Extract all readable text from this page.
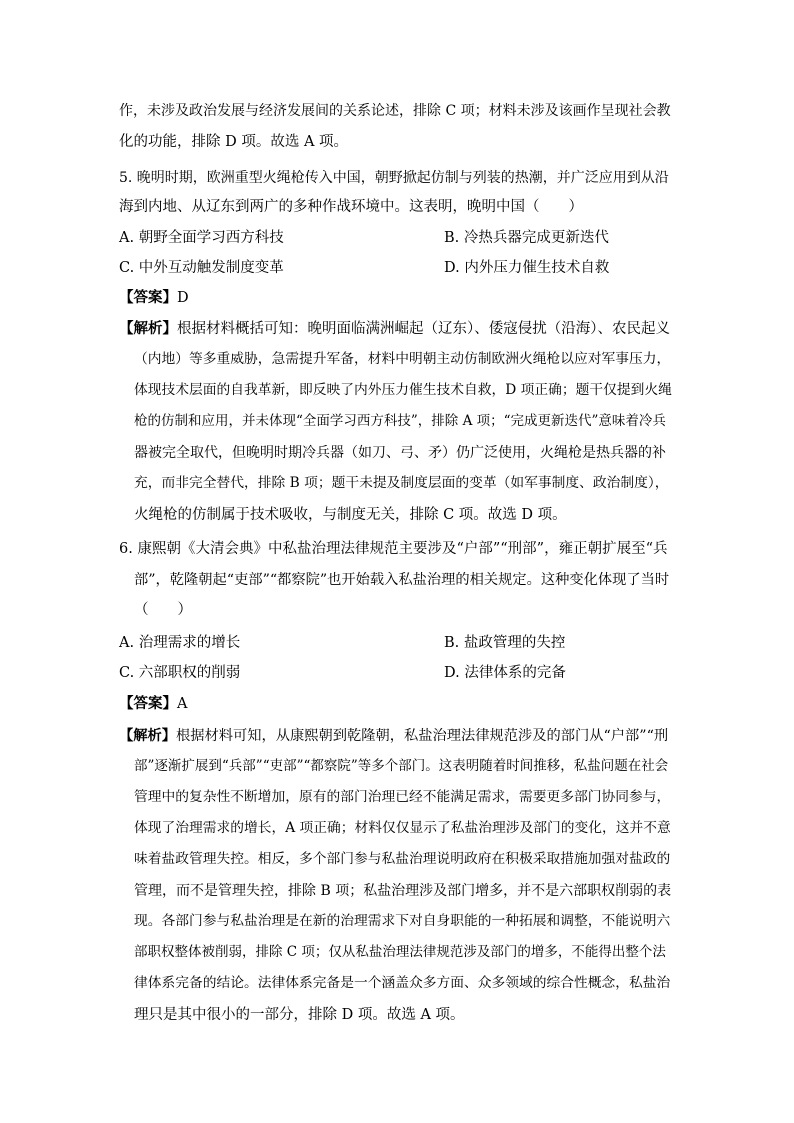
作，未涉及政治发展与经济发展间的关系论述，排除 C 项；材料未涉及该画作呈现社会教
化的功能，排除 D 项。故选 A 项。
5. 晚明时期，欧洲重型火绳枪传入中国，朝野掀起仿制与列装的热潮，并广泛应用到从沿
海到内地、从辽东到两广的多种作战环境中。这表明，晚明中国（　　）
A. 朝野全面学习西方科技	B. 冷热兵器完成更新迭代
C. 中外互动触发制度变革	D. 内外压力催生技术自救
【答案】D
【解析】根据材料概括可知：晚明面临满洲崛起（辽东）、倭寇侵扰（沿海）、农民起义
（内地）等多重威胁，急需提升军备，材料中明朝主动仿制欧洲火绳枪以应对军事压力，
体现技术层面的自我革新，即反映了内外压力催生技术自救，D 项正确；题干仅提到火绳
枪的仿制和应用，并未体现“全面学习西方科技”，排除 A 项；“完成更新迭代”意味着冷兵
器被完全取代，但晚明时期冷兵器（如刀、弓、矛）仍广泛使用，火绳枪是热兵器的补
充，而非完全替代，排除 B 项；题干未提及制度层面的变革（如军事制度、政治制度），
火绳枪的仿制属于技术吸收，与制度无关，排除 C 项。故选 D 项。
6. 康熙朝《大清会典》中私盐治理法律规范主要涉及“户部”“刑部”，雍正朝扩展至“兵
部”，乾隆朝起“吏部”“都察院”也开始载入私盐治理的相关规定。这种变化体现了当时
（　　）
A. 治理需求的增长	B. 盐政管理的失控
C. 六部职权的削弱	D. 法律体系的完备
【答案】A
【解析】根据材料可知，从康熙朝到乾隆朝，私盐治理法律规范涉及的部门从“户部”“刑
部”逐渐扩展到“兵部”“吏部”“都察院”等多个部门。这表明随着时间推移，私盐问题在社会
管理中的复杂性不断增加，原有的部门治理已经不能满足需求，需要更多部门协同参与，
体现了治理需求的增长，A 项正确；材料仅仅显示了私盐治理涉及部门的变化，这并不意
味着盐政管理失控。相反，多个部门参与私盐治理说明政府在积极采取措施加强对盐政的
管理，而不是管理失控，排除 B 项；私盐治理涉及部门增多，并不是六部职权削弱的表
现。各部门参与私盐治理是在新的治理需求下对自身职能的一种拓展和调整，不能说明六
部职权整体被削弱，排除 C 项；仅从私盐治理法律规范涉及部门的增多，不能得出整个法
律体系完备的结论。法律体系完备是一个涵盖众多方面、众多领域的综合性概念，私盐治
理只是其中很小的一部分，排除 D 项。故选 A 项。
